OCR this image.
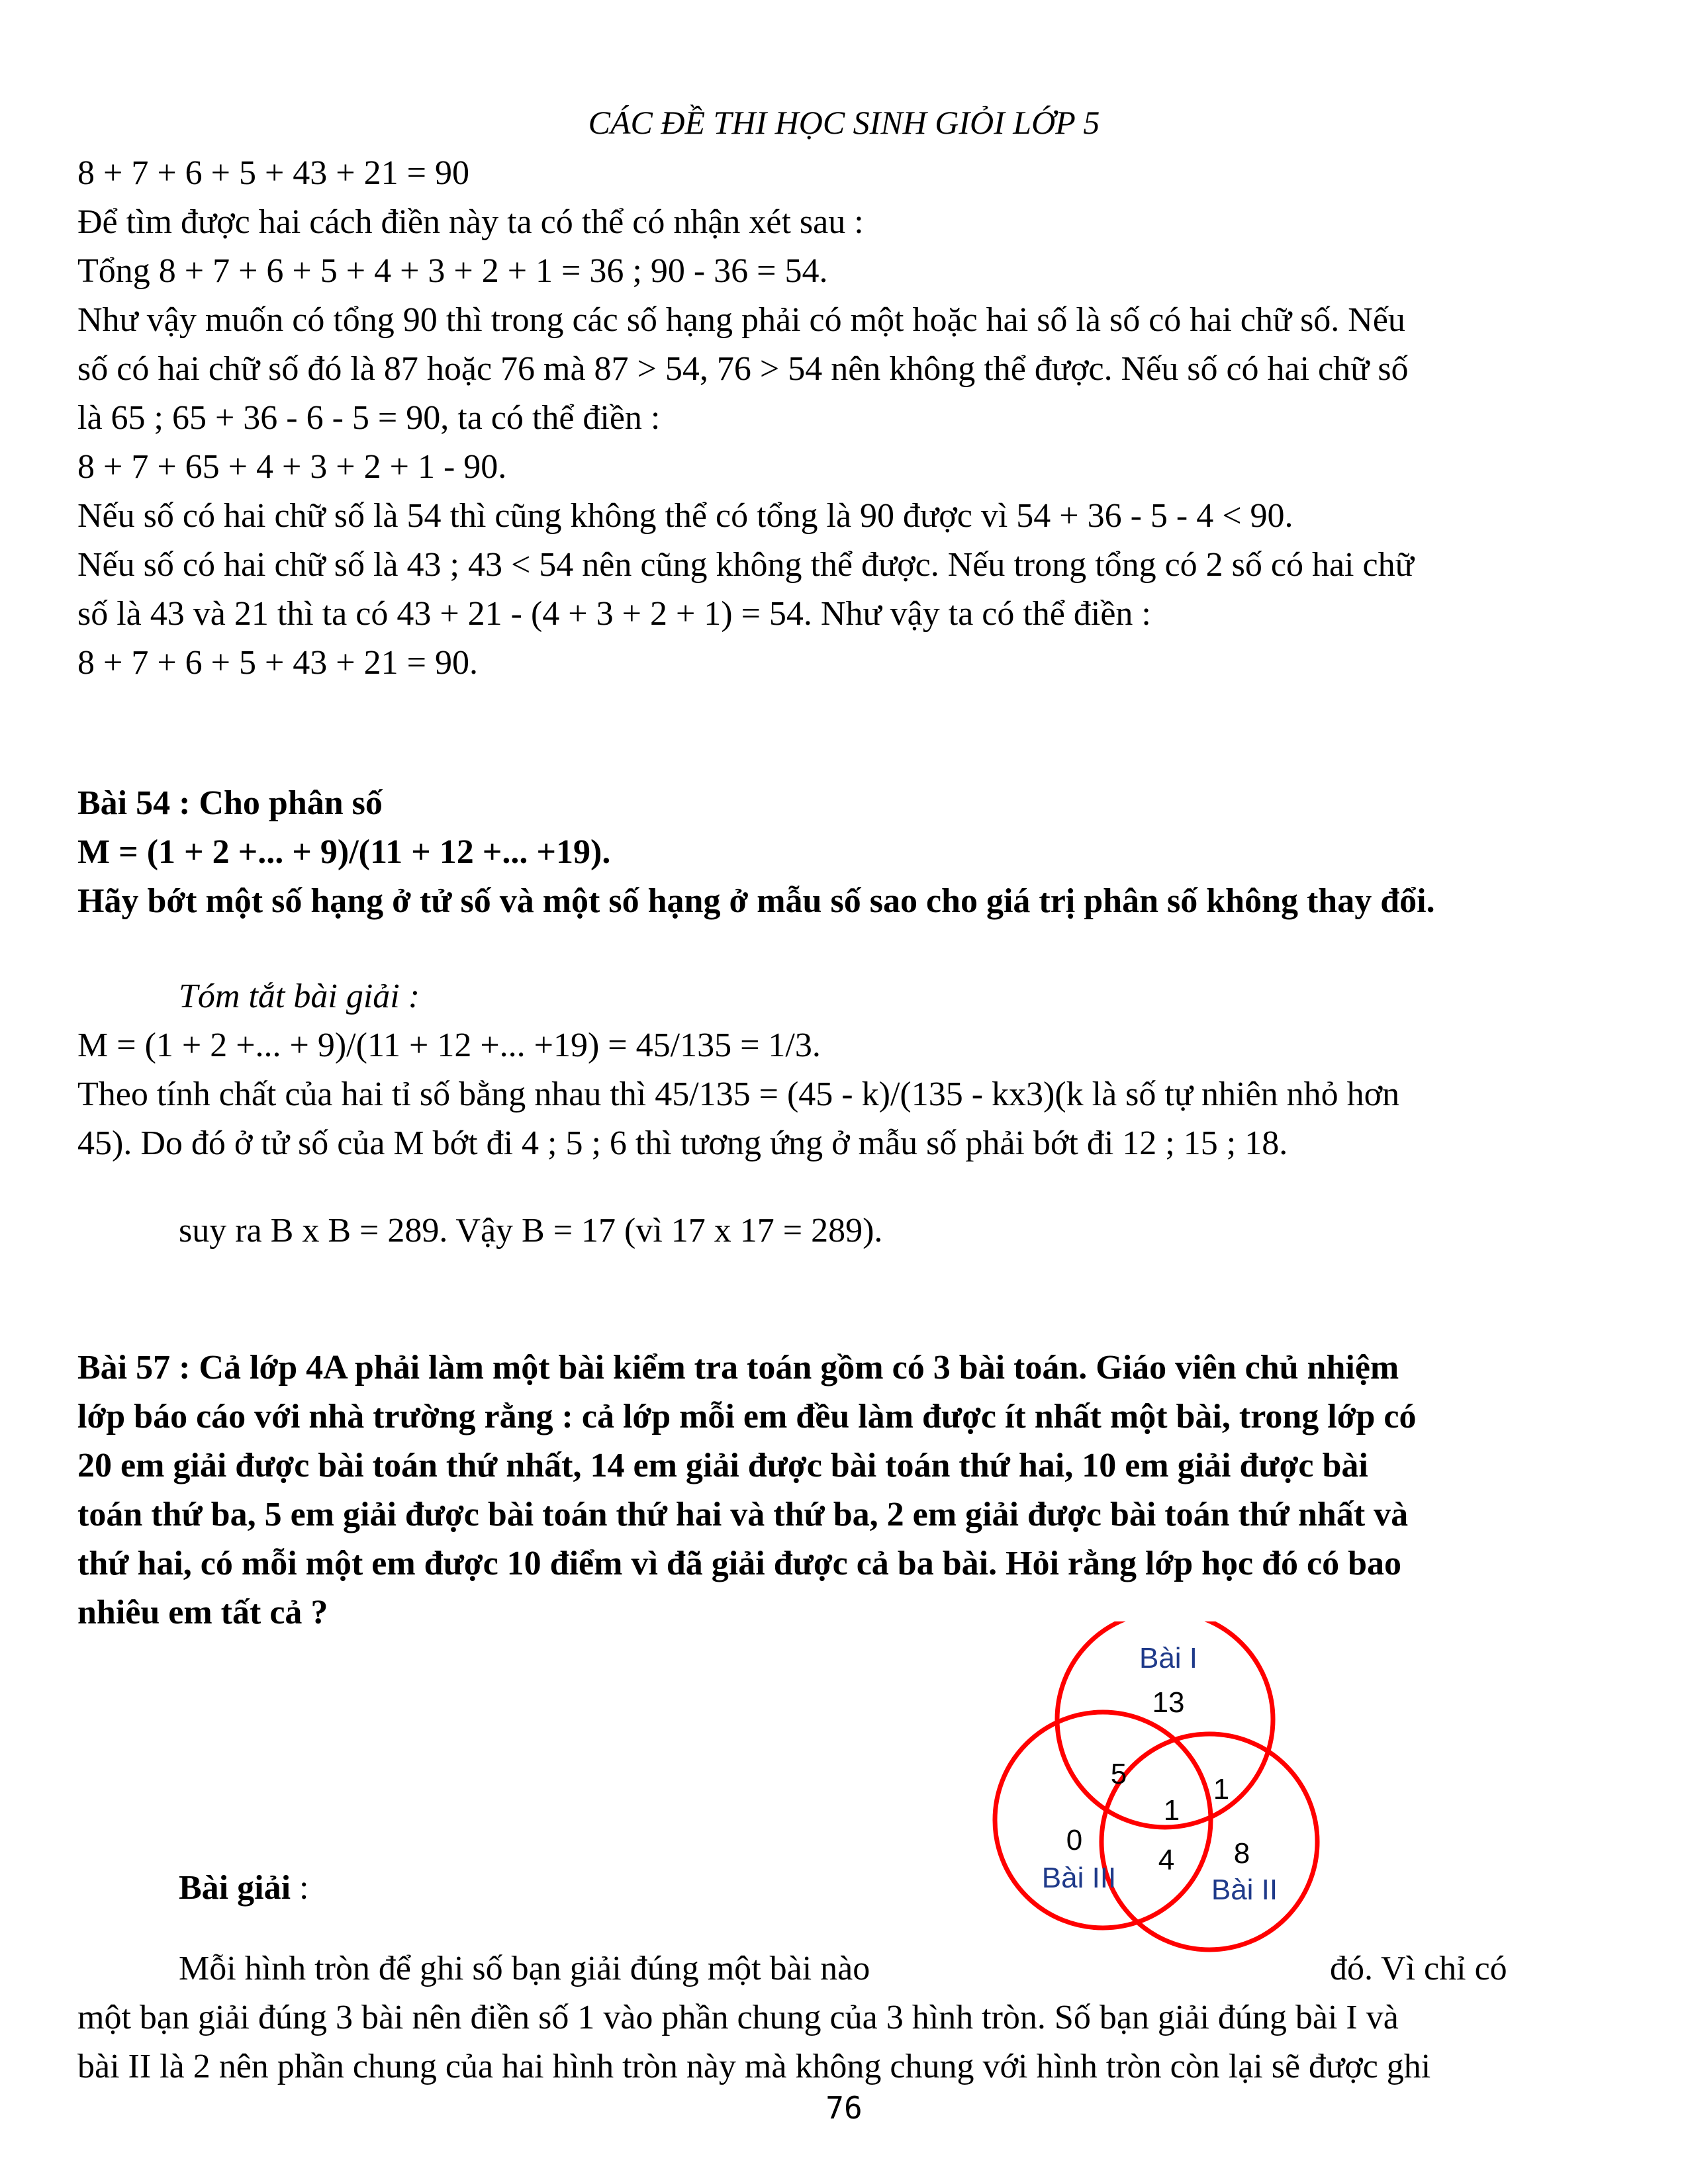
CÁC ĐỀ THI HỌC SINH GIỎI LỚP 5
8 + 7 + 6 + 5 + 43 + 21 = 90
Để tìm được hai cách điền này ta có thể có nhận xét sau :
Tổng 8 + 7 + 6 + 5 + 4 + 3 + 2 + 1 = 36 ; 90 - 36 = 54.
Như vậy muốn có tổng 90 thì trong các số hạng phải có một hoặc hai số là số có hai chữ số. Nếu
số có hai chữ số đó là 87 hoặc 76 mà 87 > 54, 76 > 54 nên không thể được. Nếu số có hai chữ số
là 65 ; 65 + 36 - 6 - 5 = 90, ta có thể điền :
8 + 7 + 65 + 4 + 3 + 2 + 1 - 90.
Nếu số có hai chữ số là 54 thì cũng không thể có tổng là 90 được vì 54 + 36 - 5 - 4 < 90.
Nếu số có hai chữ số là 43 ; 43 < 54 nên cũng không thể được. Nếu trong tổng có 2 số có hai chữ
số là 43 và 21 thì ta có 43 + 21 - (4 + 3 + 2 + 1) = 54. Như vậy ta có thể điền :
8 + 7 + 6 + 5 + 43 + 21 = 90.
Bài 54 : Cho phân số
M = (1 + 2 +... + 9)/(11 + 12 +... +19).
Hãy bớt một số hạng ở tử số và một số hạng ở mẫu số sao cho giá trị phân số không thay đổi.
Tóm tắt bài giải :
M = (1 + 2 +... + 9)/(11 + 12 +... +19) = 45/135 = 1/3.
Theo tính chất của hai tỉ số bằng nhau thì 45/135 = (45 - k)/(135 - kx3)(k là số tự nhiên nhỏ hơn
45). Do đó ở tử số của M bớt đi 4 ; 5 ; 6 thì tương ứng ở mẫu số phải bớt đi 12 ; 15 ; 18.
suy ra B x B = 289. Vậy B = 17 (vì 17 x 17 = 289).
Bài 57 : Cả lớp 4A phải làm một bài kiểm tra toán gồm có 3 bài toán. Giáo viên chủ nhiệm
lớp báo cáo với nhà trường rằng : cả lớp mỗi em đều làm được ít nhất một bài, trong lớp có
20 em giải được bài toán thứ nhất, 14 em giải được bài toán thứ hai, 10 em giải được bài
toán thứ ba, 5 em giải được bài toán thứ hai và thứ ba, 2 em giải được bài toán thứ nhất và
thứ hai, có mỗi một em được 10 điểm vì đã giải được cả ba bài. Hỏi rằng lớp học đó có bao
nhiêu em tất cả ?
Bài giải :
Mỗi hình tròn để ghi số bạn giải đúng một bài nào	đó. Vì chỉ có
một bạn giải đúng 3 bài nên điền số 1 vào phần chung của 3 hình tròn. Số bạn giải đúng bài I và
bài II là 2 nên phần chung của hai hình tròn này mà không chung với hình tròn còn lại sẽ được ghi
Bài I
13
5	1
1
0
4 8
Bài III	Bài II
76
